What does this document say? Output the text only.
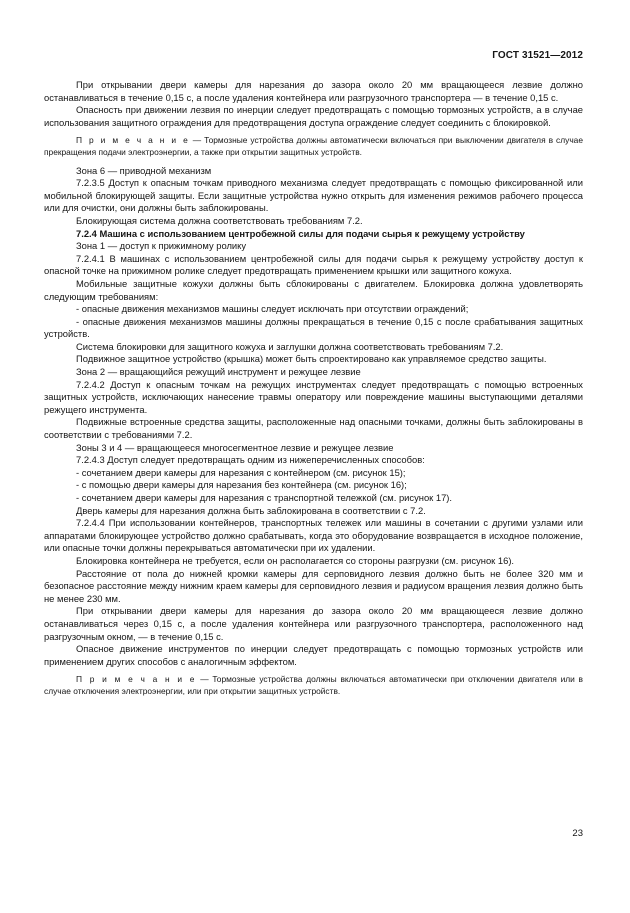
ГОСТ 31521—2012

При открывании двери камеры для нарезания до зазора около 20 мм вращающееся лезвие должно останавливаться в течение 0,15 с, а после удаления контейнера или разгрузочного транспортера — в течение 0,15 с.

Опасность при движении лезвия по инерции следует предотвращать с помощью тормозных устройств, а в случае использования защитного ограждения для предотвращения доступа ограждение следует соединить с блокировкой.

П р и м е ч а н и е — Тормозные устройства должны автоматически включаться при выключении двигателя в случае прекращения подачи электроэнергии, а также при открытии защитных устройств.

Зона 6 — приводной механизм

7.2.3.5 Доступ к опасным точкам приводного механизма следует предотвращать с помощью фиксированной или мобильной блокирующей защиты. Если защитные устройства нужно открыть для изменения режимов рабочего процесса или для очистки, они должны быть заблокированы.

Блокирующая система должна соответствовать требованиям 7.2.

7.2.4 Машина с использованием центробежной силы для подачи сырья к режущему устройству

Зона 1 — доступ к прижимному ролику

7.2.4.1 В машинах с использованием центробежной силы для подачи сырья к режущему устройству доступ к опасной точке на прижимном ролике следует предотвращать применением крышки или защитного кожуха.

Мобильные защитные кожухи должны быть сблокированы с двигателем. Блокировка должна удовлетворять следующим требованиям:

- опасные движения механизмов машины следует исключать при отсутствии ограждений;

- опасные движения механизмов машины должны прекращаться в течение 0,15 с после срабатывания защитных устройств.

Система блокировки для защитного кожуха и заглушки должна соответствовать требованиям 7.2.

Подвижное защитное устройство (крышка) может быть спроектировано как управляемое средство защиты.

Зона 2 — вращающийся режущий инструмент и режущее лезвие

7.2.4.2 Доступ к опасным точкам на режущих инструментах следует предотвращать с помощью встроенных защитных устройств, исключающих нанесение травмы оператору или повреждение машины выступающими деталями режущего инструмента.

Подвижные встроенные средства защиты, расположенные над опасными точками, должны быть заблокированы в соответствии с требованиями 7.2.

Зоны 3 и 4 — вращающееся многосегментное лезвие и режущее лезвие

7.2.4.3 Доступ следует предотвращать одним из нижеперечисленных способов:

- сочетанием двери камеры для нарезания с контейнером (см. рисунок 15);

- с помощью двери камеры для нарезания без контейнера (см. рисунок 16);

- сочетанием двери камеры для нарезания с транспортной тележкой (см. рисунок 17).

Дверь камеры для нарезания должна быть заблокирована в соответствии с 7.2.

7.2.4.4 При использовании контейнеров, транспортных тележек или машины в сочетании с другими узлами или аппаратами блокирующее устройство должно срабатывать, когда это оборудование возвращается в исходное положение, или опасные точки должны перекрываться автоматически при их удалении.

Блокировка контейнера не требуется, если он располагается со стороны разгрузки (см. рисунок 16).

Расстояние от пола до нижней кромки камеры для серповидного лезвия должно быть не более 320 мм и безопасное расстояние между нижним краем камеры для серповидного лезвия и радиусом вращения лезвия должно быть не менее 230 мм.

При открывании двери камеры для нарезания до зазора около 20 мм вращающееся лезвие должно останавливаться через 0,15 с, а после удаления контейнера или разгрузочного транспортера, расположенного над разгрузочным окном, — в течение 0,15 с.

Опасное движение инструментов по инерции следует предотвращать с помощью тормозных устройств или применением других способов с аналогичным эффектом.

П р и м е ч а н и е — Тормозные устройства должны включаться автоматически при отключении двигателя или в случае отключения электроэнергии, или при открытии защитных устройств.

23
